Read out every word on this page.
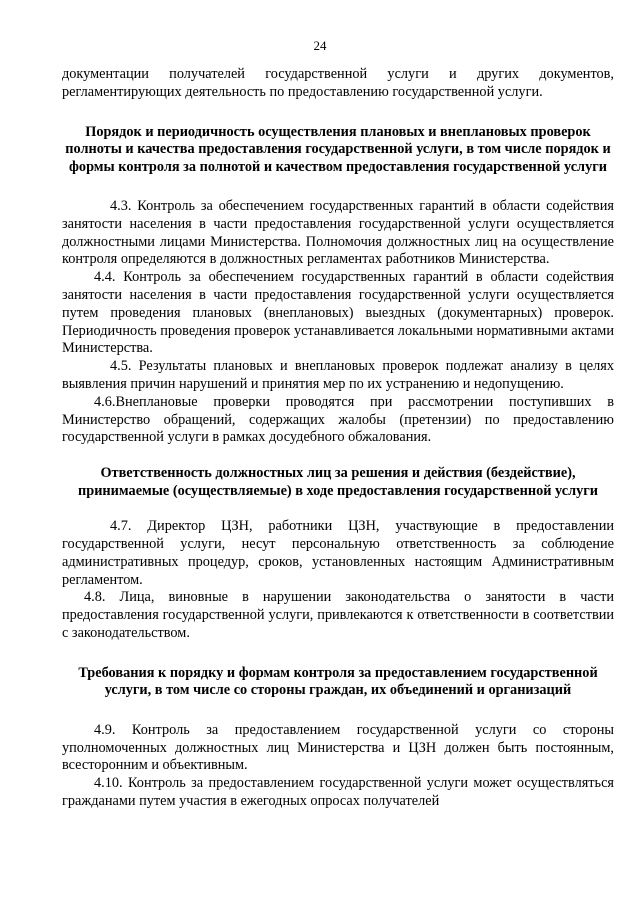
24

документации получателей государственной услуги и других документов, регламентирующих деятельность по предоставлению государственной услуги.

Порядок и периодичность осуществления плановых и внеплановых проверок полноты и качества предоставления государственной услуги, в том числе порядок и формы контроля за полнотой и качеством предоставления государственной услуги

4.3. Контроль за обеспечением государственных гарантий в области содействия занятости населения в части предоставления государственной услуги осуществляется должностными лицами Министерства. Полномочия должностных лиц на осуществление контроля определяются в должностных регламентах работников Министерства.

4.4. Контроль за обеспечением государственных гарантий в области содействия занятости населения в части предоставления государственной услуги осуществляется путем проведения плановых (внеплановых) выездных (документарных) проверок. Периодичность проведения проверок устанавливается локальными нормативными актами Министерства.

4.5. Результаты плановых и внеплановых проверок подлежат анализу в целях выявления причин нарушений и принятия мер по их устранению и недопущению.

4.6.Внеплановые проверки проводятся при рассмотрении поступивших в Министерство обращений, содержащих жалобы (претензии) по предоставлению государственной услуги в рамках досудебного обжалования.

Ответственность должностных лиц за решения и действия (бездействие), принимаемые (осуществляемые) в ходе предоставления государственной услуги

4.7. Директор ЦЗН, работники ЦЗН, участвующие в предоставлении государственной услуги, несут персональную ответственность за соблюдение административных процедур, сроков, установленных настоящим Административным регламентом.

4.8. Лица, виновные в нарушении законодательства о занятости в части предоставления государственной услуги, привлекаются к ответственности в соответствии с законодательством.

Требования к порядку и формам контроля за предоставлением государственной услуги, в том числе со стороны граждан, их объединений и организаций

4.9. Контроль за предоставлением государственной услуги со стороны уполномоченных должностных лиц Министерства и ЦЗН должен быть постоянным, всесторонним и объективным.

4.10. Контроль за предоставлением государственной услуги может осуществляться гражданами путем участия в ежегодных опросах получателей
